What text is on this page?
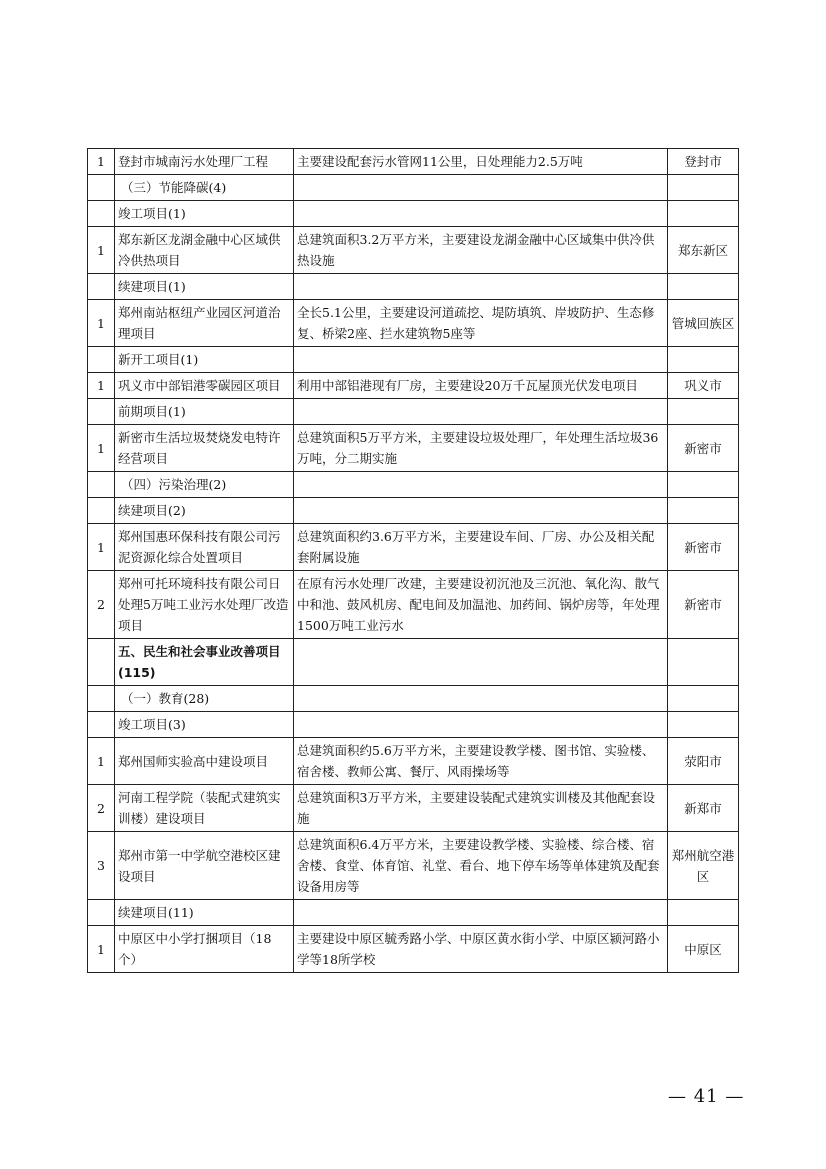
1	登封市城南污水处理厂工程	主要建设配套污水管网11公里，日处理能力2.5万吨	登封市
	（三）节能降碳(4)		
	竣工项目(1)		
1	郑东新区龙湖金融中心区域供冷供热项目	总建筑面积3.2万平方米，主要建设龙湖金融中心区域集中供冷供热设施	郑东新区
	续建项目(1)		
1	郑州南站枢纽产业园区河道治理项目	全长5.1公里，主要建设河道疏挖、堤防填筑、岸坡防护、生态修复、桥梁2座、拦水建筑物5座等	管城回族区
	新开工项目(1)		
1	巩义市中部铝港零碳园区项目	利用中部铝港现有厂房，主要建设20万千瓦屋顶光伏发电项目	巩义市
	前期项目(1)		
1	新密市生活垃圾焚烧发电特许经营项目	总建筑面积5万平方米，主要建设垃圾处理厂，年处理生活垃圾36万吨，分二期实施	新密市
	（四）污染治理(2)		
	续建项目(2)		
1	郑州国惠环保科技有限公司污泥资源化综合处置项目	总建筑面积约3.6万平方米，主要建设车间、厂房、办公及相关配套附属设施	新密市
2	郑州可托环境科技有限公司日处理5万吨工业污水处理厂改造项目	在原有污水处理厂改建，主要建设初沉池及三沉池、氧化沟、散气中和池、鼓风机房、配电间及加温池、加药间、锅炉房等，年处理1500万吨工业污水	新密市
	五、民生和社会事业改善项目(115)		
	（一）教育(28)		
	竣工项目(3)		
1	郑州国师实验高中建设项目	总建筑面积约5.6万平方米，主要建设教学楼、图书馆、实验楼、宿舍楼、教师公寓、餐厅、风雨操场等	荥阳市
2	河南工程学院（装配式建筑实训楼）建设项目	总建筑面积3万平方米，主要建设装配式建筑实训楼及其他配套设施	新郑市
3	郑州市第一中学航空港校区建设项目	总建筑面积6.4万平方米，主要建设教学楼、实验楼、综合楼、宿舍楼、食堂、体育馆、礼堂、看台、地下停车场等单体建筑及配套设备用房等	郑州航空港区
	续建项目(11)		
1	中原区中小学打捆项目（18个）	主要建设中原区毓秀路小学、中原区黄水街小学、中原区颍河路小学等18所学校	中原区
— 41 —
